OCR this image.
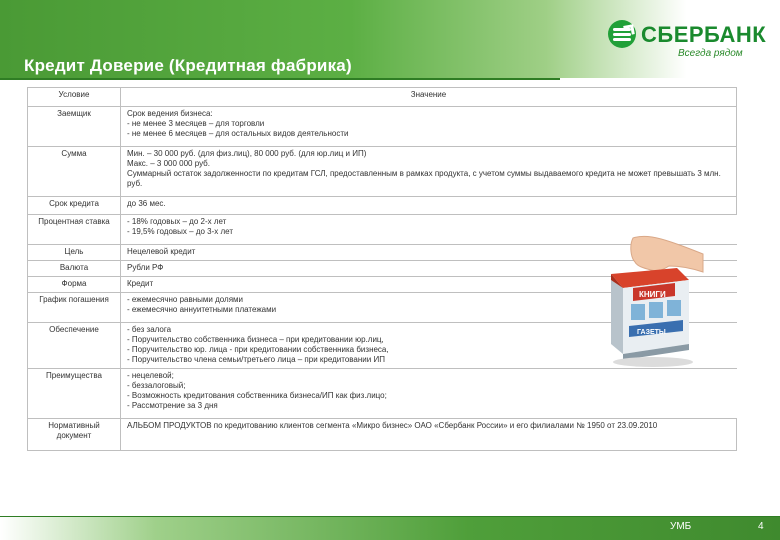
Кредит Доверие (Кредитная фабрика)
СБЕРБАНК
Всегда рядом
Условие	Значение
Заемщик	Срок ведения бизнеса:
- не менее 3 месяцев – для торговли
- не менее 6 месяцев – для остальных видов деятельности

Сумма	Мин. – 30 000 руб. (для физ.лиц), 80 000 руб. (для юр.лиц и ИП)
Макс. – 3 000 000 руб.
Суммарный остаток задолженности по кредитам ГСЛ, предоставленным в рамках продукта, с учетом суммы выдаваемого кредита не может превышать 3 млн. руб.

Срок кредита	до 36 мес.

Процентная ставка	- 18% годовых – до 2-х лет
- 19,5% годовых – до 3-х лет

Цель	Нецелевой кредит

Валюта	Рубли РФ

Форма	Кредит

График погашения	- ежемесячно равными долями
- ежемесячно аннуитетными платежами

Обеспечение	- без залога
- Поручительство собственника бизнеса – при кредитовании юр.лиц,
- Поручительство юр. лица - при кредитовании собственника бизнеса,
- Поручительство члена семьи/третьего лица – при кредитовании ИП

Преимущества	- нецелевой;
- беззалоговый;
- Возможность кредитования собственника бизнеса/ИП как физ.лицо;
- Рассмотрение за 3 дня

Нормативный документ	АЛЬБОМ ПРОДУКТОВ по кредитованию клиентов сегмента «Микро бизнес» ОАО «Сбербанк России» и его филиалами № 1950 от 23.09.2010
КНИГИ
ГАЗЕТЫ
УМБ	4
